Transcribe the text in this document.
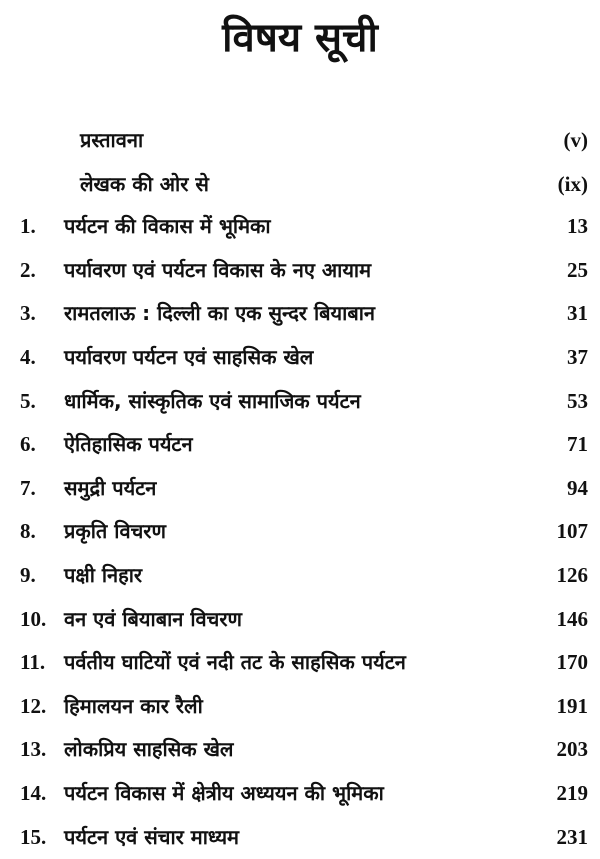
विषय सूची
प्रस्तावना	(v)
लेखक की ओर से	(ix)
1. पर्यटन की विकास में भूमिका	13
2. पर्यावरण एवं पर्यटन विकास के नए आयाम	25
3. रामतलाऊ : दिल्ली का एक सुन्दर बियाबान	31
4. पर्यावरण पर्यटन एवं साहसिक खेल	37
5. धार्मिक, सांस्कृतिक एवं सामाजिक पर्यटन	53
6. ऐतिहासिक पर्यटन	71
7. समुद्री पर्यटन	94
8. प्रकृति विचरण	107
9. पक्षी निहार	126
10. वन एवं बियाबान विचरण	146
11. पर्वतीय घाटियों एवं नदी तट के साहसिक पर्यटन	170
12. हिमालयन कार रैली	191
13. लोकप्रिय साहसिक खेल	203
14. पर्यटन विकास में क्षेत्रीय अध्ययन की भूमिका	219
15. पर्यटन एवं संचार माध्यम	231
